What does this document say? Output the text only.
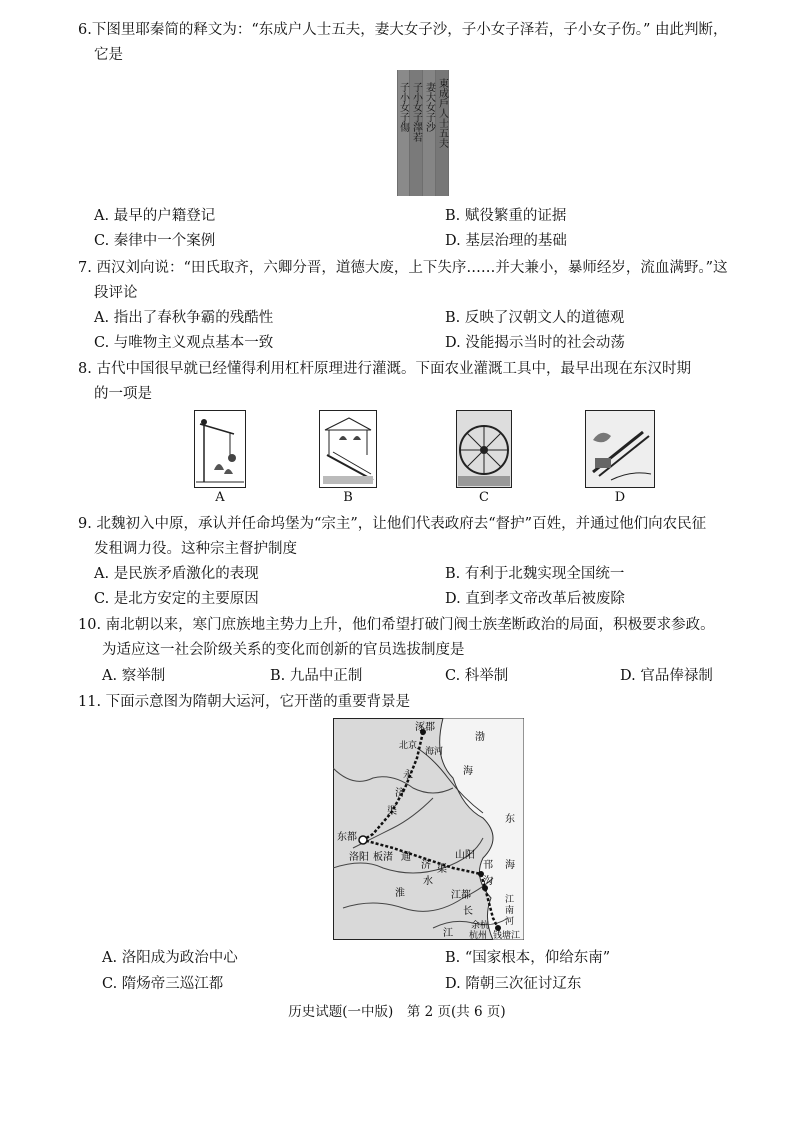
6.下图里耶秦简的释文为：“东成户人士五夫，妻大女子沙，子小女子泽若，子小女子伤。” 由此判断，
它是
子小女子傷 子小女子澤若 妻大女子沙 東成戶人士五夫
A. 最早的户籍登记	B. 赋役繁重的证据
C. 秦律中一个案例	D. 基层治理的基础
7. 西汉刘向说：“田氏取齐，六卿分晋，道德大废，上下失序……并大兼小，暴师经岁，流血满野。”这
段评论
A. 指出了春秋争霸的残酷性	B. 反映了汉朝文人的道德观
C. 与唯物主义观点基本一致	D. 没能揭示当时的社会动荡
8. 古代中国很早就已经懂得利用杠杆原理进行灌溉。下面农业灌溉工具中，最早出现在东汉时期
的一项是
A	B	C	D
9. 北魏初入中原，承认并任命坞堡为“宗主”，让他们代表政府去“督护”百姓，并通过他们向农民征
发租调力役。这种宗主督护制度
A. 是民族矛盾激化的表现	B. 有利于北魏实现全国统一
C. 是北方安定的主要原因	D. 直到孝文帝改革后被废除
10. 南北朝以来，寒门庶族地主势力上升，他们希望打破门阀士族垄断政治的局面，积极要求参政。
为适应这一社会阶级关系的变化而创新的官员选拔制度是
A. 察举制	B. 九品中正制	C. 科举制	D. 官品俸禄制
11. 下面示意图为隋朝大运河，它开凿的重要背景是
涿郡
北京
海河
渤
海
永
济
渠
东
东都
洛阳 板渚 通
济 渠
山阳
邗
沟
海
淮
水
江都
长
江
江
南
河
余杭
杭州 钱塘江
A. 洛阳成为政治中心	B. “国家根本，仰给东南”
C. 隋炀帝三巡江都	D. 隋朝三次征讨辽东
历史试题(一中版)　第 2 页(共 6 页)
